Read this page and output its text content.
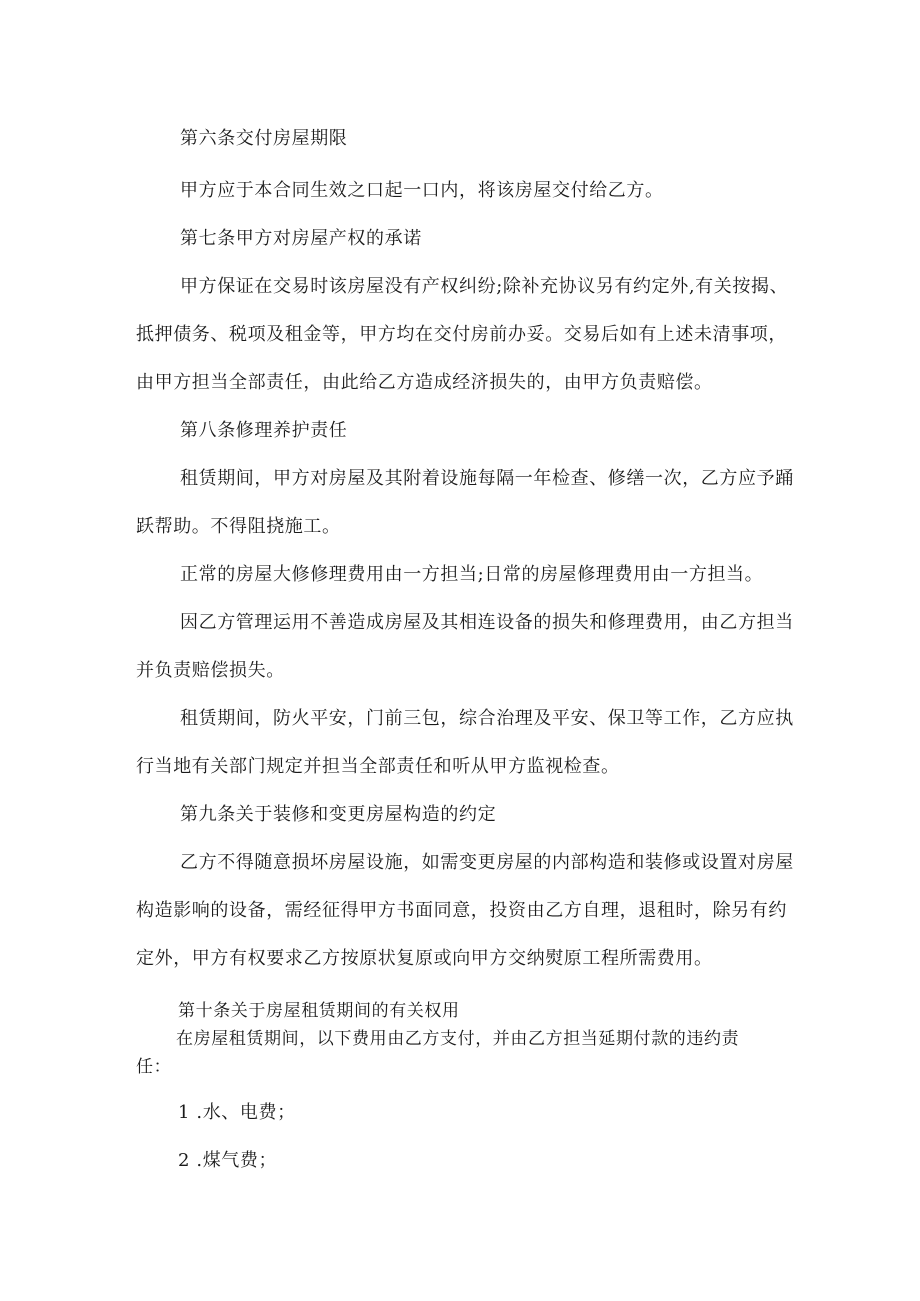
第六条交付房屋期限
甲方应于本合同生效之口起一口内，将该房屋交付给乙方。
第七条甲方对房屋产权的承诺
甲方保证在交易时该房屋没有产权纠纷;除补充协议另有约定外,有关按揭、
抵押债务、税项及租金等，甲方均在交付房前办妥。交易后如有上述未清事项，
由甲方担当全部责任，由此给乙方造成经济损失的，由甲方负责赔偿。
第八条修理养护责任
租赁期间，甲方对房屋及其附着设施每隔一年检查、修缮一次，乙方应予踊
跃帮助。不得阻挠施工。
正常的房屋大修修理费用由一方担当;日常的房屋修理费用由一方担当。
因乙方管理运用不善造成房屋及其相连设备的损失和修理费用，由乙方担当
并负责赔偿损失。
租赁期间，防火平安，门前三包，综合治理及平安、保卫等工作，乙方应执
行当地有关部门规定并担当全部责任和听从甲方监视检查。
第九条关于装修和变更房屋构造的约定
乙方不得随意损坏房屋设施，如需变更房屋的内部构造和装修或设置对房屋
构造影响的设备，需经征得甲方书面同意，投资由乙方自理，退租时，除另有约
定外，甲方有权要求乙方按原状复原或向甲方交纳熨原工程所需费用。
第十条关于房屋租赁期间的有关权用
在房屋租赁期间，以下费用由乙方支付，并由乙方担当延期付款的违约责
任：
1 .水、电费；
2 .煤气费；
